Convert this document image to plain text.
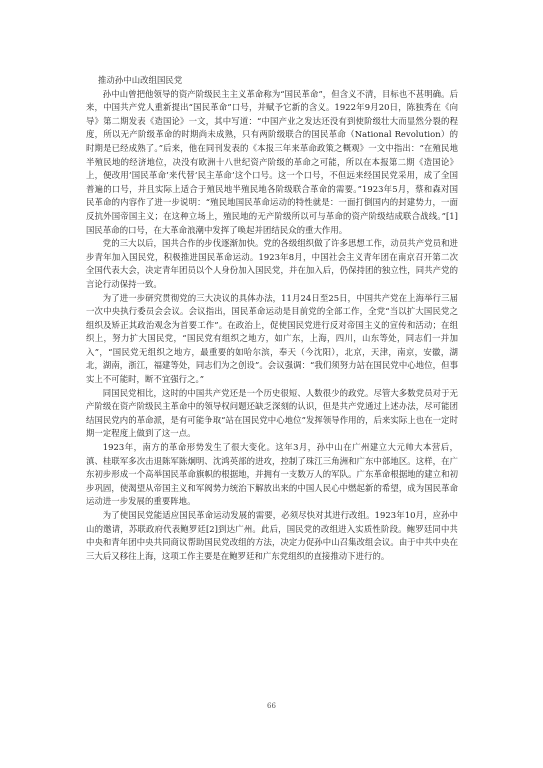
推动孙中山改组国民党

孙中山曾把他领导的资产阶级民主主义革命称为“国民革命”，但含义不清，目标也不甚明确。后来，中国共产党人重新提出“国民革命”口号，并赋予它新的含义。1922年9月20日，陈独秀在《向导》第二期发表《造国论》一文，其中写道：“中国产业之发达还没有到使阶级壮大而显然分裂的程度，所以无产阶级革命的时期尚未成熟，只有两阶级联合的国民革命（National Revolution）的时期是已经成熟了。”后来，他在同刊发表的《本报三年来革命政策之概观》一文中指出：“在殖民地半殖民地的经济地位，决没有欧洲十八世纪资产阶级的革命之可能，所以在本报第二期《造国论》上，便改用‘国民革命’来代替‘民主革命’这个口号。这一个口号，不但远来经国民党采用，成了全国普遍的口号，并且实际上适合于殖民地半殖民地各阶级联合革命的需要。”1923年5月，蔡和森对国民革命的内容作了进一步说明：“殖民地国民革命运动的特性就是：一面打倒国内的封建势力，一面反抗外国帝国主义；在这种立场上，殖民地的无产阶级所以可与革命的资产阶级结成联合战线。”[1]国民革命的口号，在大革命浪潮中发挥了唤起并团结民众的重大作用。

党的三大以后，国共合作的步伐逐渐加快。党的各级组织做了许多思想工作，动员共产党员和进步青年加入国民党，积极推进国民革命运动。1923年8月，中国社会主义青年团在南京召开第二次全国代表大会，决定青年团员以个人身份加入国民党，并在加入后，仍保持团的独立性，同共产党的言论行动保持一致。

为了进一步研究贯彻党的三大决议的具体办法，11月24日至25日，中国共产党在上海举行三届一次中央执行委员会会议。会议指出，国民革命运动是目前党的全部工作，全党“当以扩大国民党之组织及矫正其政治观念为首要工作”。在政治上，促使国民党进行反对帝国主义的宣传和活动；在组织上，努力扩大国民党，“国民党有组织之地方，如广东，上海，四川，山东等处，同志们一并加入”，“国民党无组织之地方，最重要的如哈尔滨，奉天（今沈阳），北京，天津，南京，安徽，湖北，湖南，浙江，福建等处，同志们为之创设”。会议强调：“我们须努力站在国民党中心地位，但事实上不可能时，断不宜强行之。”

同国民党相比，这时的中国共产党还是一个历史很短、人数很少的政党。尽管大多数党员对于无产阶级在资产阶级民主革命中的领导权问题还缺乏深刻的认识，但是共产党通过上述办法，尽可能团结国民党内的革命派，是有可能争取“站在国民党中心地位”发挥领导作用的，后来实际上也在一定时期一定程度上做到了这一点。

1923年，南方的革命形势发生了很大变化。这年3月，孙中山在广州建立大元帅大本营后，滇、桂联军多次击退陈军陈炯明、沈鸿英部的进攻，控制了珠江三角洲和广东中部地区。这样，在广东初步形成一个高举国民革命旗帜的根据地，并拥有一支数万人的军队。广东革命根据地的建立和初步巩固，使渴望从帝国主义和军阀势力统治下解放出来的中国人民心中燃起新的希望，成为国民革命运动进一步发展的重要阵地。

为了使国民党能适应国民革命运动发展的需要，必须尽快对其进行改组。1923年10月，应孙中山的邀请，苏联政府代表鲍罗廷[2]到达广州。此后，国民党的改组进入实质性阶段。鲍罗廷同中共中央和青年团中央共同商议帮助国民党改组的方法，决定力促孙中山召集改组会议。由于中共中央在三大后又移往上海，这项工作主要是在鲍罗廷和广东党组织的直接推动下进行的。

66
